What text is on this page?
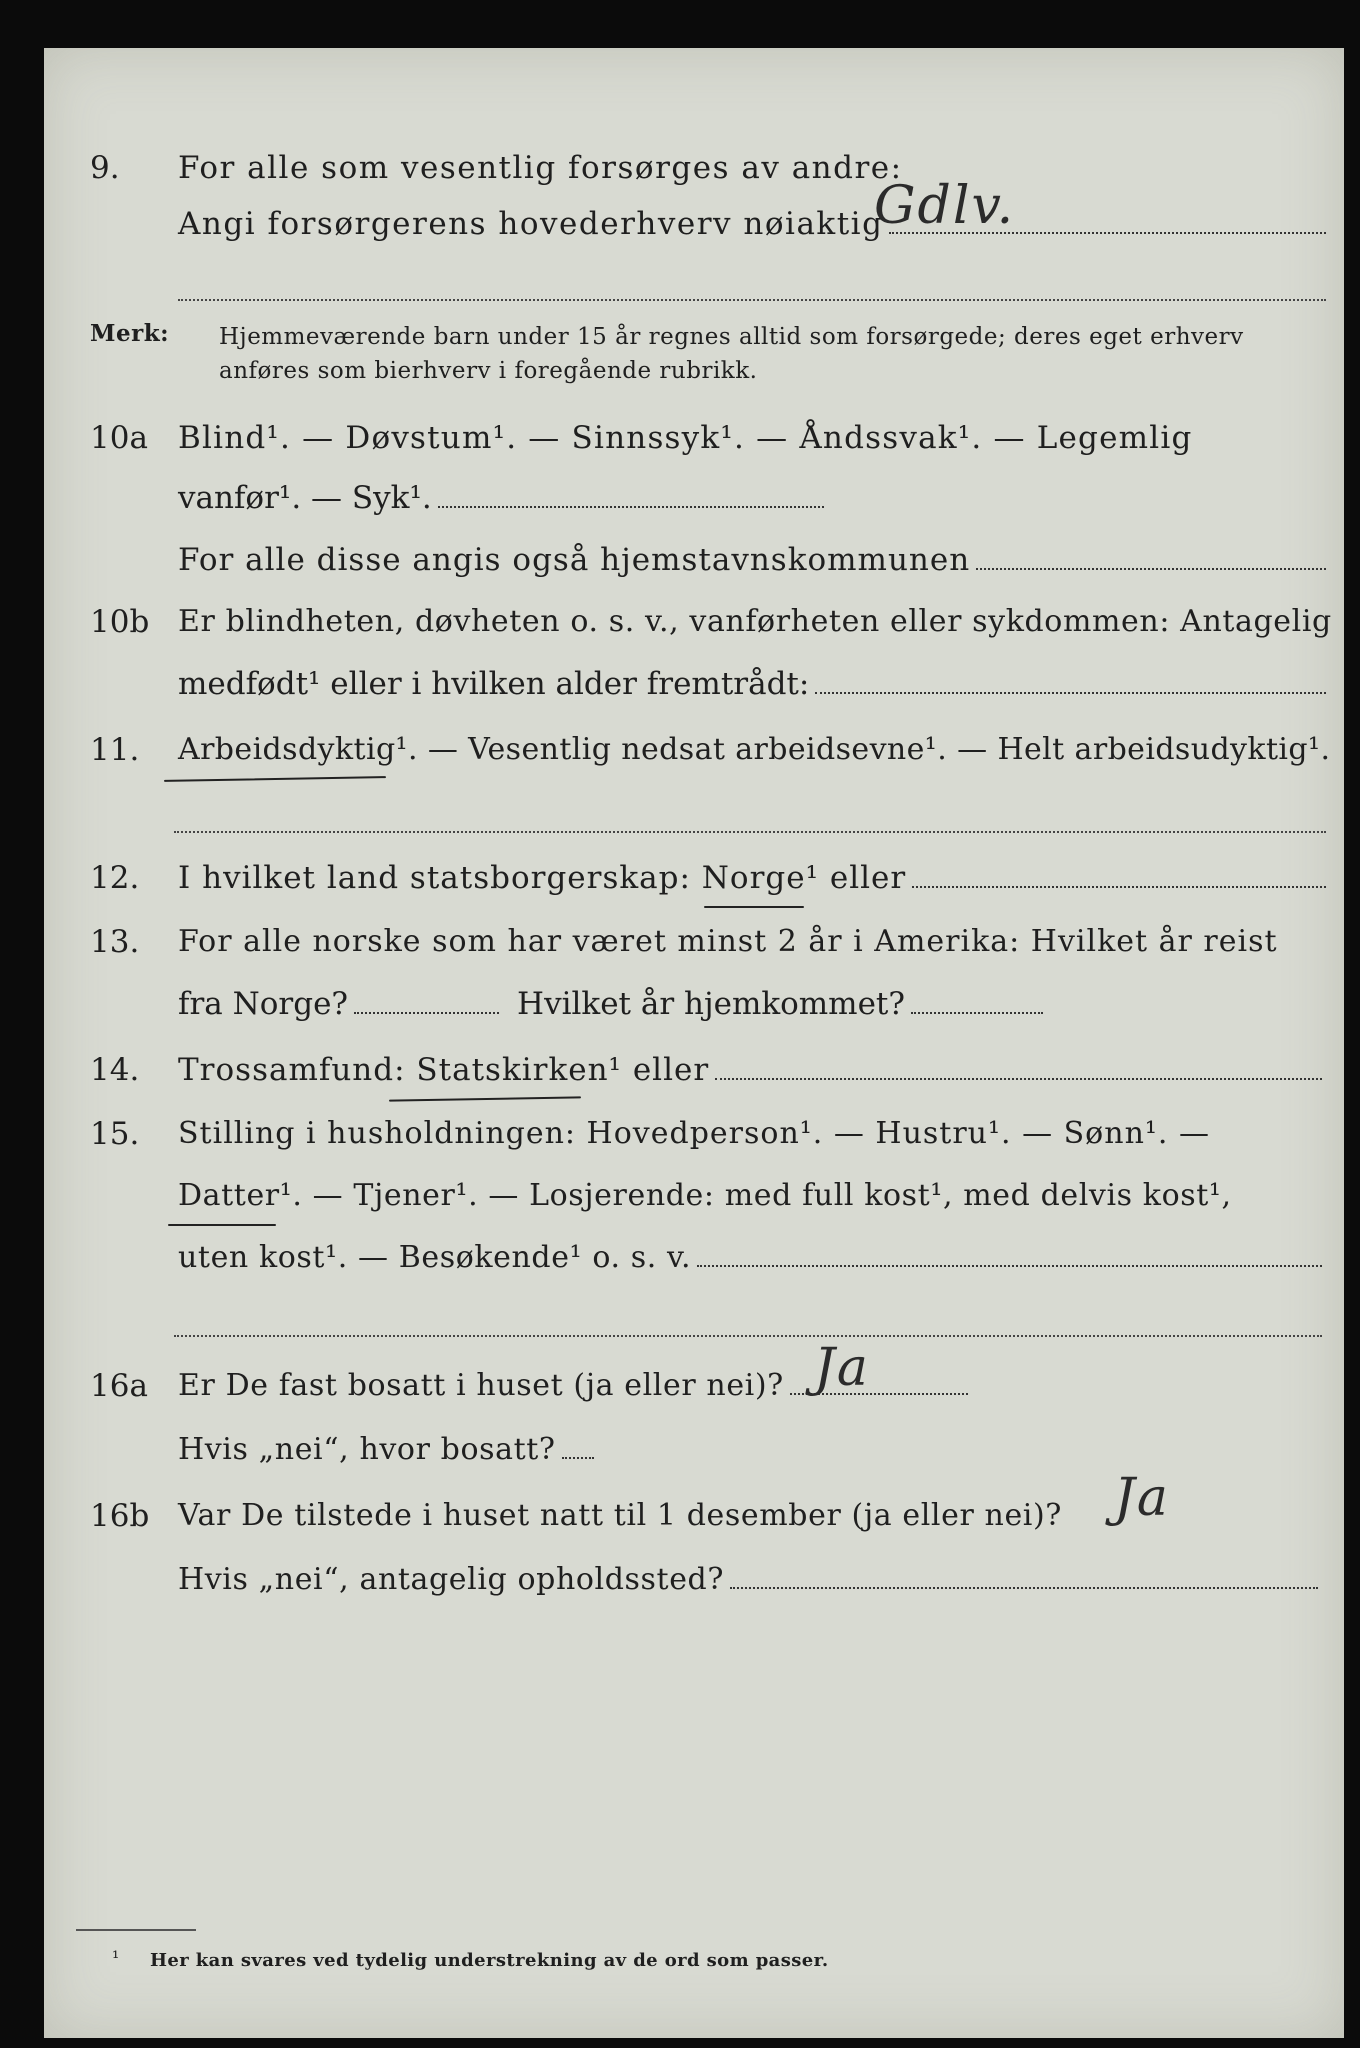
9.	For alle som vesentlig forsørges av andre:
Angi forsørgerens hovederhverv nøiaktig
Gdlv.
Merk: Hjemmeværende barn under 15 år regnes alltid som forsørgede; deres eget erhverv
anføres som bierhverv i foregående rubrikk.
10a Blind¹. — Døvstum¹. — Sinnssyk¹. — Åndssvak¹. — Legemlig
vanfør¹. — Syk¹.
For alle disse angis også hjemstavnskommunen
10b Er blindheten, døvheten o. s. v., vanførheten eller sykdommen: Antagelig
medfødt¹ eller i hvilken alder fremtrådt:
11.	Arbeidsdyktig¹. — Vesentlig nedsat arbeidsevne¹. — Helt arbeidsudyktig¹.
12.	I hvilket land statsborgerskap: Norge¹ eller
13.	For alle norske som har været minst 2 år i Amerika: Hvilket år reist
fra Norge?	Hvilket år hjemkommet?
14.	Trossamfund: Statskirken¹ eller
15.	Stilling i husholdningen: Hovedperson¹. — Hustru¹. — Sønn¹. —
Datter¹. — Tjener¹. — Losjerende: med full kost¹, med delvis kost¹,
uten kost¹. — Besøkende¹ o. s. v.
16a	Er De fast bosatt i huset (ja eller nei)? Ja
Hvis „nei“, hvor bosatt?
16b Var De tilstede i huset natt til 1 desember (ja eller nei)? Ja
Hvis „nei“, antagelig opholdssted?
¹ Her kan svares ved tydelig understrekning av de ord som passer.
